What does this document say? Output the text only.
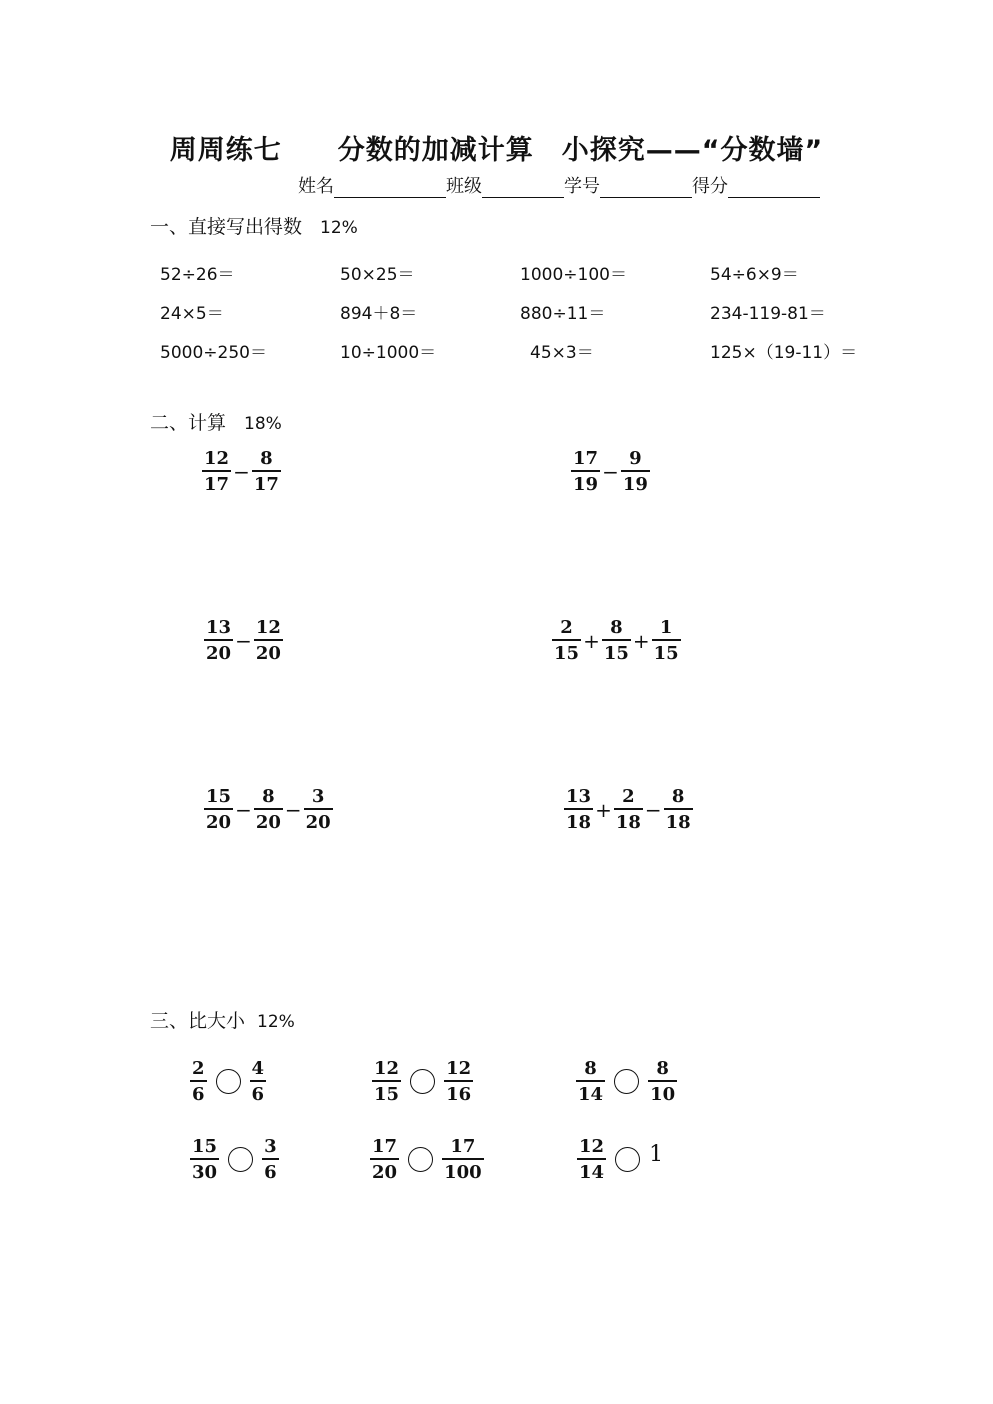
周周练七　　分数的加减计算　小探究——“分数墙”
姓名	班级	学号	得分
一、直接写出得数 12%
52÷26＝	50×25＝	1000÷100＝	54÷6×9＝
24×5＝	894＋8＝	880÷11＝	234-119-81＝
5000÷250＝	10÷1000＝	45×3＝	125×（19-11）＝
二、计算 18%
$\frac{12}{17} - \frac{8}{17}$	$\frac{17}{19} - \frac{9}{19}$
$\frac{13}{20} - \frac{12}{20}$	$\frac{2}{15} + \frac{8}{15} + \frac{1}{15}$
$\frac{15}{20} - \frac{8}{20} - \frac{3}{20}$	$\frac{13}{18} + \frac{2}{18} - \frac{8}{18}$
三、比大小 12%
$\frac{2}{6} \frac{4}{6}$	$\frac{12}{15} \frac{12}{16}$	$\frac{8}{14} \frac{8}{10}$
$\frac{15}{30} \frac{3}{6}$	$\frac{17}{20} \frac{17}{100}$	$\frac{12}{14} 1$
